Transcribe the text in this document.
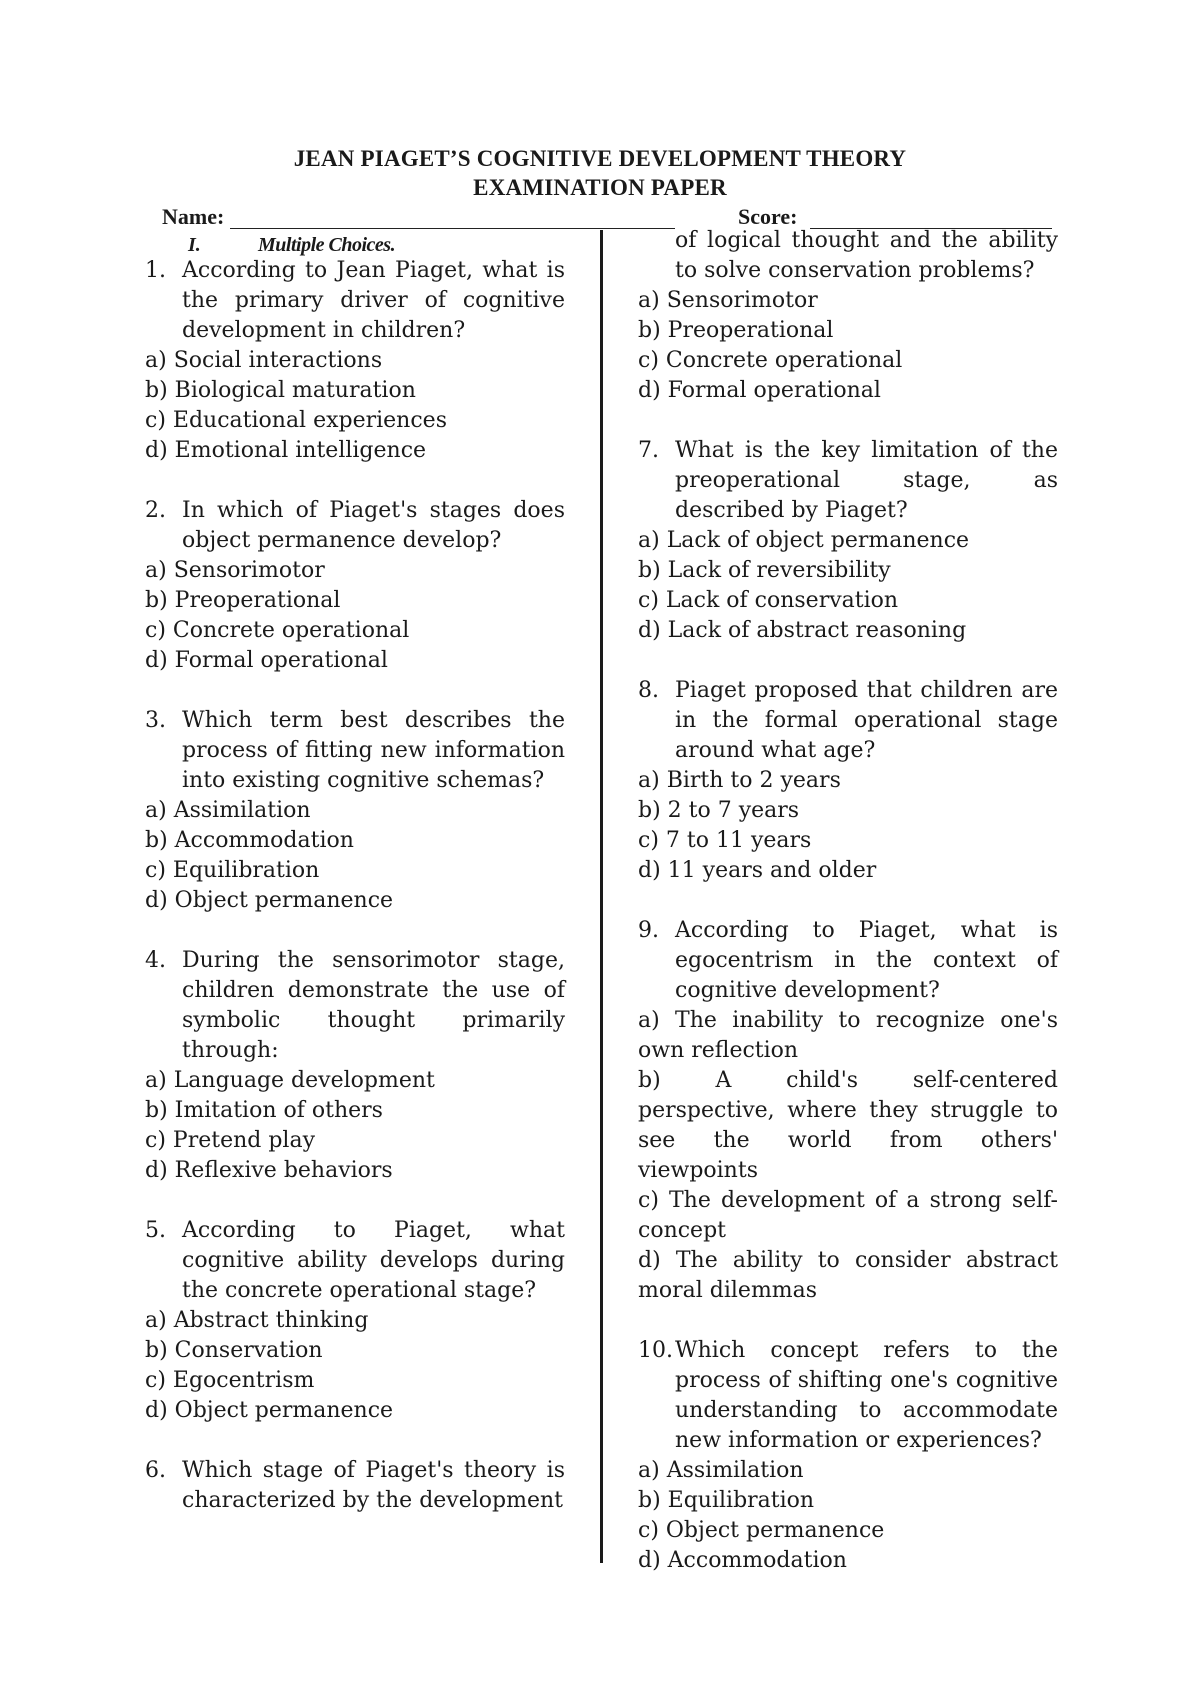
JEAN PIAGET’S COGNITIVE DEVELOPMENT THEORY
EXAMINATION PAPER
Name:	Score:
I.	Multiple Choices.
1. According to Jean Piaget, what is the primary driver of cognitive development in children?
a) Social interactions
b) Biological maturation
c) Educational experiences
d) Emotional intelligence
2. In which of Piaget's stages does object permanence develop?
a) Sensorimotor
b) Preoperational
c) Concrete operational
d) Formal operational
3. Which term best describes the process of fitting new information into existing cognitive schemas?
a) Assimilation
b) Accommodation
c) Equilibration
d) Object permanence
4. During the sensorimotor stage, children demonstrate the use of symbolic thought primarily through:
a) Language development
b) Imitation of others
c) Pretend play
d) Reflexive behaviors
5. According to Piaget, what cognitive ability develops during the concrete operational stage?
a) Abstract thinking
b) Conservation
c) Egocentrism
d) Object permanence
6. Which stage of Piaget's theory is characterized by the development
of logical thought and the ability to solve conservation problems?
a) Sensorimotor
b) Preoperational
c) Concrete operational
d) Formal operational
7. What is the key limitation of the preoperational stage, as described by Piaget?
a) Lack of object permanence
b) Lack of reversibility
c) Lack of conservation
d) Lack of abstract reasoning
8. Piaget proposed that children are in the formal operational stage around what age?
a) Birth to 2 years
b) 2 to 7 years
c) 7 to 11 years
d) 11 years and older
9. According to Piaget, what is egocentrism in the context of cognitive development?
a) The inability to recognize one's own reflection
b) A child's self-centered perspective, where they struggle to see the world from others' viewpoints
c) The development of a strong self-concept
d) The ability to consider abstract moral dilemmas
10. Which concept refers to the process of shifting one's cognitive understanding to accommodate new information or experiences?
a) Assimilation
b) Equilibration
c) Object permanence
d) Accommodation
